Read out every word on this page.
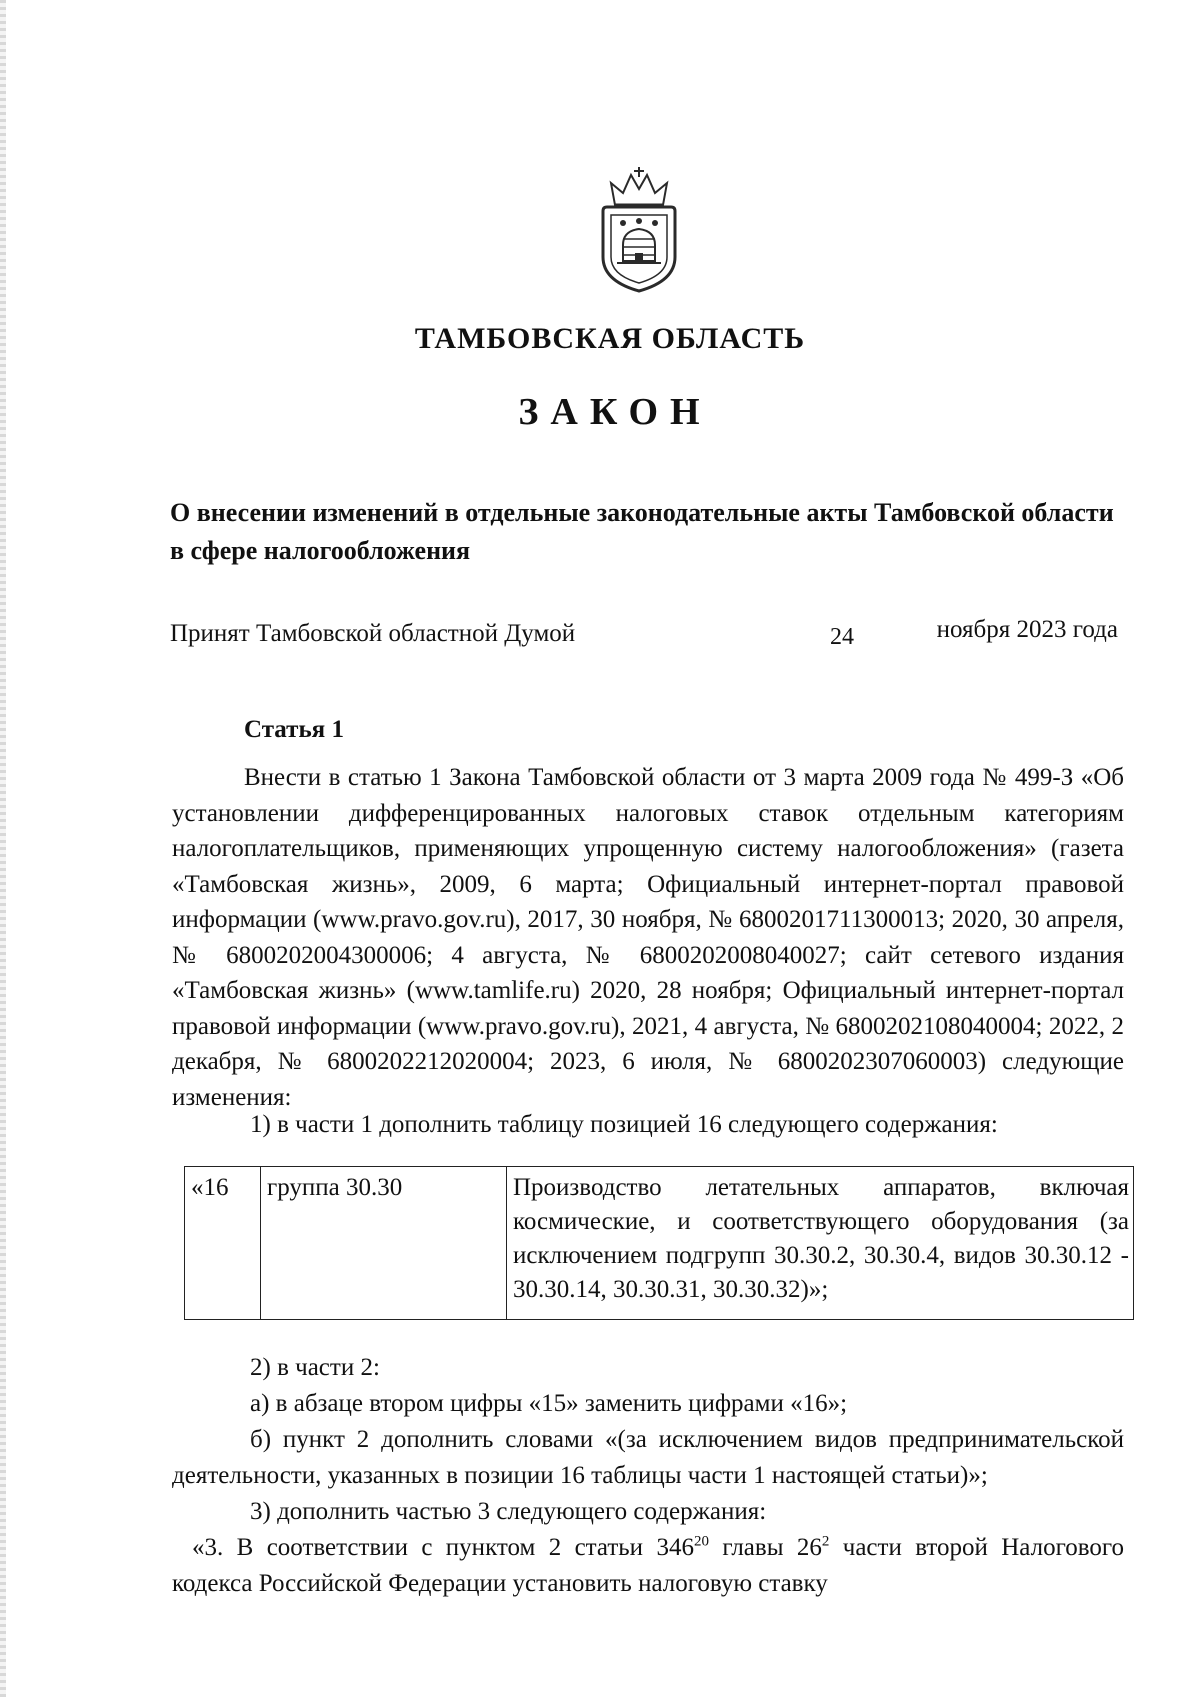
ТАМБОВСКАЯ ОБЛАСТЬ
ЗАКОН
О внесении изменений в отдельные законодательные акты Тамбовской области в сфере налогообложения
Принят Тамбовской областной Думой	24	ноября 2023 года
Статья 1

Внести в статью 1 Закона Тамбовской области от 3 марта 2009 года № 499-З «Об установлении дифференцированных налоговых ставок отдельным категориям налогоплательщиков, применяющих упрощенную систему налогообложения» (газета «Тамбовская жизнь», 2009, 6 марта; Официальный интернет-портал правовой информации (www.pravo.gov.ru), 2017, 30 ноября, № 6800201711300013; 2020, 30 апреля, № 6800202004300006; 4 августа, № 6800202008040027; сайт сетевого издания «Тамбовская жизнь» (www.tamlife.ru) 2020, 28 ноября; Официальный интернет-портал правовой информации (www.pravo.gov.ru), 2021, 4 августа, № 6800202108040004; 2022, 2 декабря, № 6800202212020004; 2023, 6 июля, № 6800202307060003) следующие изменения:

1) в части 1 дополнить таблицу позицией 16 следующего содержания:
«16	группа 30.30	Производство летательных аппаратов, включая космические, и соответствующего оборудования (за исключением подгрупп 30.30.2, 30.30.4, видов 30.30.12 - 30.30.14, 30.30.31, 30.30.32)»;
2) в части 2:
а) в абзаце втором цифры «15» заменить цифрами «16»;
б) пункт 2 дополнить словами «(за исключением видов предпринимательской деятельности, указанных в позиции 16 таблицы части 1 настоящей статьи)»;
3) дополнить частью 3 следующего содержания:
«3. В соответствии с пунктом 2 статьи $346^{20}$ главы $26^2$ части второй Налогового кодекса Российской Федерации установить налоговую ставку
